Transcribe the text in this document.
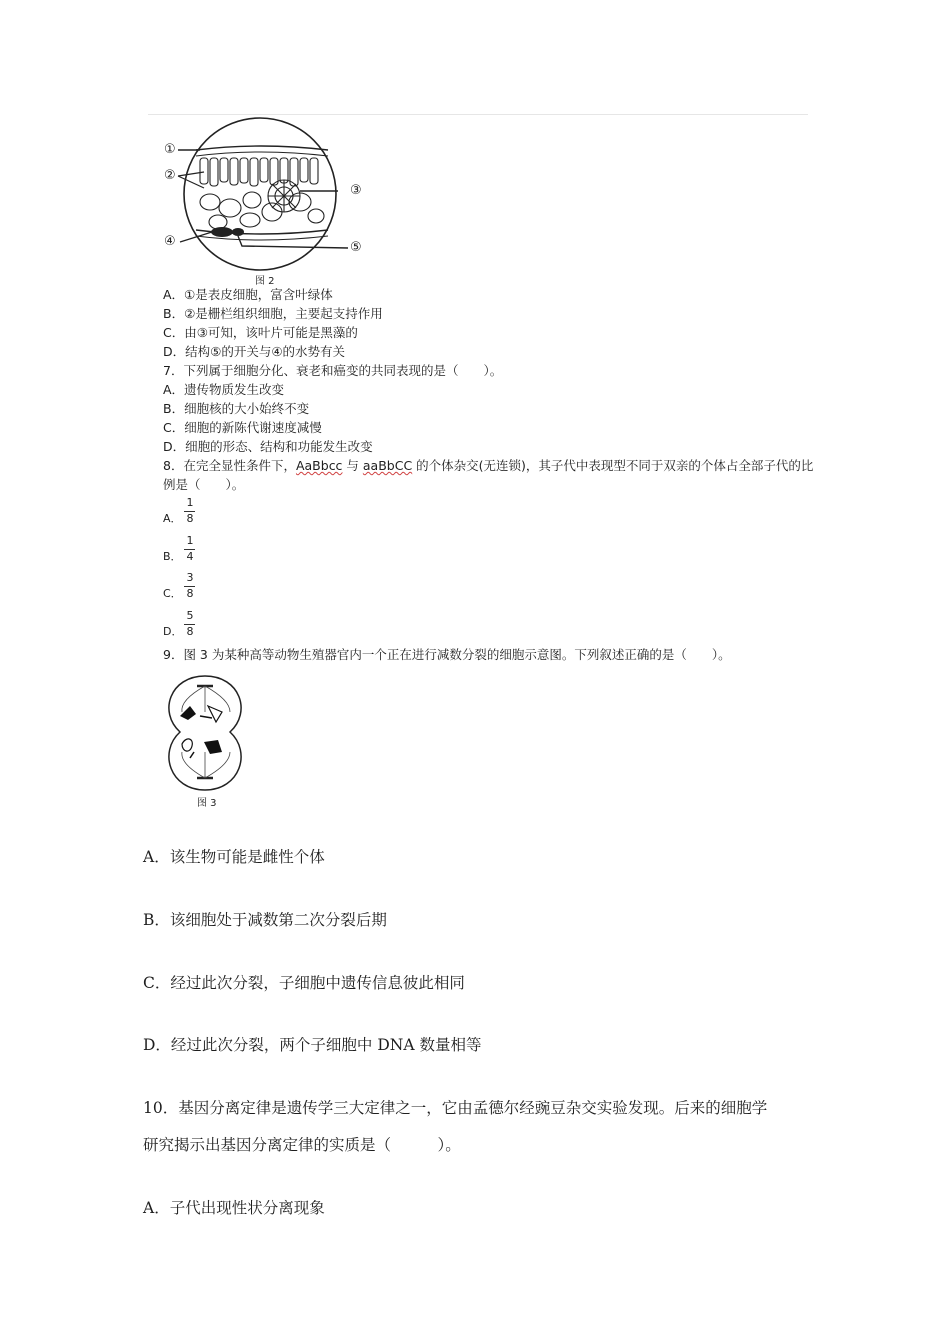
①
②
③
④	⑤
图 2
A．①是表皮细胞，富含叶绿体
B．②是栅栏组织细胞，主要起支持作用
C．由③可知，该叶片可能是黑藻的
D．结构⑤的开关与④的水势有关
7．下列属于细胞分化、衰老和癌变的共同表现的是（　　）。
A．遗传物质发生改变
B．细胞核的大小始终不变
C．细胞的新陈代谢速度减慢
D．细胞的形态、结构和功能发生改变
8．在完全显性条件下，AaBbcc 与 aaBbCC 的个体杂交(无连锁)，其子代中表现型不同于双亲的个体占全部子代的比
例是（　　）。
A．
1
8
B．
1
4
C．
3
8
D．
5
8
9．图 3 为某种高等动物生殖器官内一个正在进行减数分裂的细胞示意图。下列叙述正确的是（　　）。
图 3
A．该生物可能是雌性个体
B．该细胞处于减数第二次分裂后期
C．经过此次分裂，子细胞中遗传信息彼此相同
D．经过此次分裂，两个子细胞中 DNA 数量相等
10．基因分离定律是遗传学三大定律之一，它由孟德尔经豌豆杂交实验发现。后来的细胞学
研究揭示出基因分离定律的实质是（　　　）。
A．子代出现性状分离现象
